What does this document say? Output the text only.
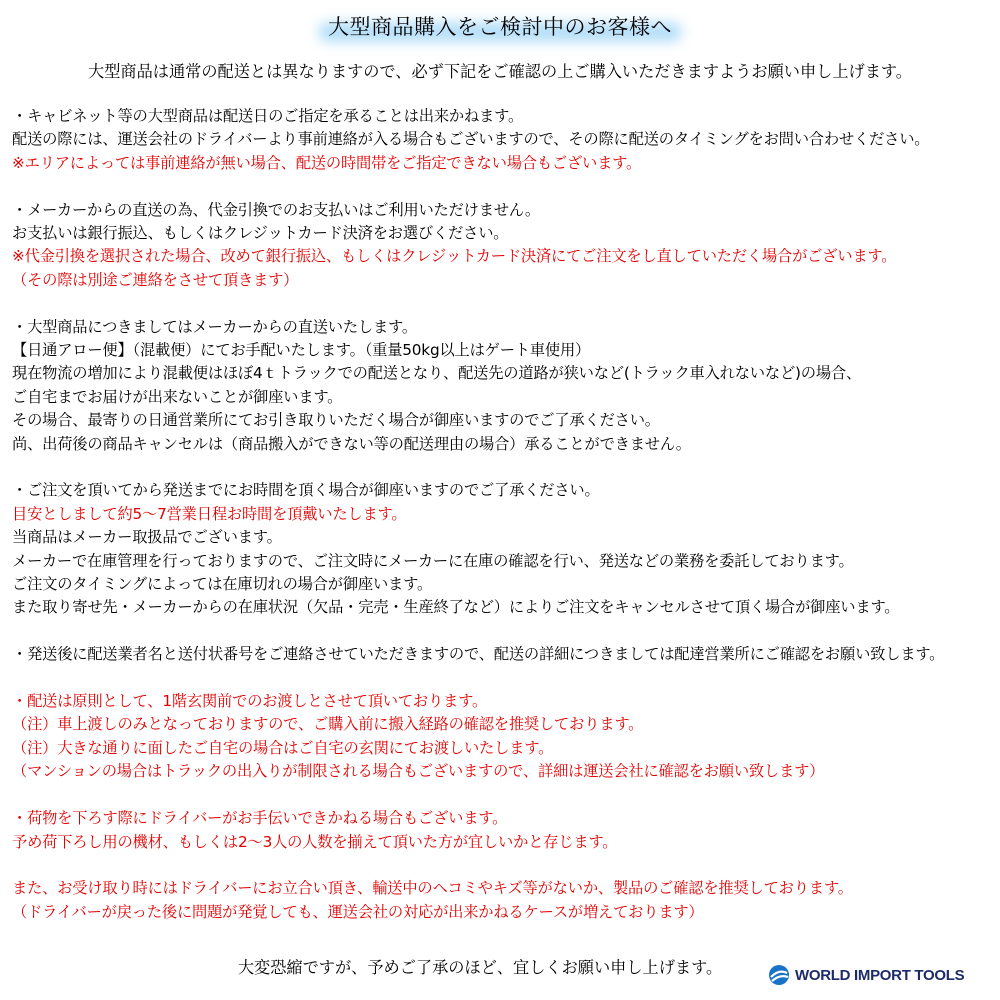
大型商品購入をご検討中のお客様へ
大型商品は通常の配送とは異なりますので、必ず下記をご確認の上ご購入いただきますようお願い申し上げます。
・キャビネット等の大型商品は配送日のご指定を承ることは出来かねます。
配送の際には、運送会社のドライバーより事前連絡が入る場合もございますので、その際に配送のタイミングをお問い合わせください。
※エリアによっては事前連絡が無い場合、配送の時間帯をご指定できない場合もございます。
・メーカーからの直送の為、代金引換でのお支払いはご利用いただけません。
お支払いは銀行振込、もしくはクレジットカード決済をお選びください。
※代金引換を選択された場合、改めて銀行振込、もしくはクレジットカード決済にてご注文をし直していただく場合がございます。
（その際は別途ご連絡をさせて頂きます）
・大型商品につきましてはメーカーからの直送いたします。
【日通アロー便】（混載便）にてお手配いたします。（重量50kg以上はゲート車使用）
現在物流の増加により混載便はほぼ4ｔトラックでの配送となり、配送先の道路が狭いなど(トラック車入れないなど)の場合、
ご自宅までお届けが出来ないことが御座います。
その場合、最寄りの日通営業所にてお引き取りいただく場合が御座いますのでご了承ください。
尚、出荷後の商品キャンセルは（商品搬入ができない等の配送理由の場合）承ることができません。
・ご注文を頂いてから発送までにお時間を頂く場合が御座いますのでご了承ください。
目安としまして約5～7営業日程お時間を頂戴いたします。
当商品はメーカー取扱品でございます。
メーカーで在庫管理を行っておりますので、ご注文時にメーカーに在庫の確認を行い、発送などの業務を委託しております。
ご注文のタイミングによっては在庫切れの場合が御座います。
また取り寄せ先・メーカーからの在庫状況（欠品・完売・生産終了など）によりご注文をキャンセルさせて頂く場合が御座います。
・発送後に配送業者名と送付状番号をご連絡させていただきますので、配送の詳細につきましては配達営業所にご確認をお願い致します。
・配送は原則として、1階玄関前でのお渡しとさせて頂いております。
（注）車上渡しのみとなっておりますので、ご購入前に搬入経路の確認を推奨しております。
（注）大きな通りに面したご自宅の場合はご自宅の玄関にてお渡しいたします。
（マンションの場合はトラックの出入りが制限される場合もございますので、詳細は運送会社に確認をお願い致します）
・荷物を下ろす際にドライバーがお手伝いできかねる場合もございます。
予め荷下ろし用の機材、もしくは2～3人の人数を揃えて頂いた方が宜しいかと存じます。
また、お受け取り時にはドライバーにお立合い頂き、輸送中のヘコミやキズ等がないか、製品のご確認を推奨しております。
（ドライバーが戻った後に問題が発覚しても、運送会社の対応が出来かねるケースが増えております）
大変恐縮ですが、予めご了承のほど、宜しくお願い申し上げます。	WORLD IMPORT TOOLS
